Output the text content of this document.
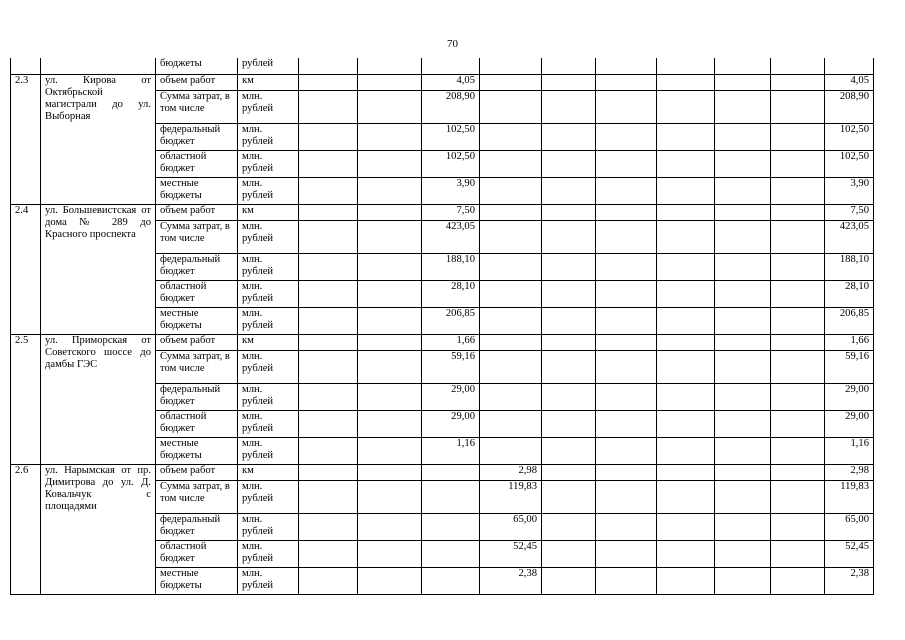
70
		бюджеты	рублей										
2.3	ул. Кирова от Октябрьской магистрали до ул. Выборная	объем работ	км			4,05							4,05
		Сумма затрат, в том числе	млн. рублей			208,90							208,90
		федеральный бюджет	млн. рублей			102,50							102,50
		областной бюджет	млн. рублей			102,50							102,50
		местные бюджеты	млн. рублей			3,90							3,90
2.4	ул. Большевистская от дома № 289 до Красного проспекта	объем работ	км			7,50							7,50
		Сумма затрат, в том числе	млн. рублей			423,05							423,05
		федеральный бюджет	млн. рублей			188,10							188,10
		областной бюджет	млн. рублей			28,10							28,10
		местные бюджеты	млн. рублей			206,85							206,85
2.5	ул. Приморская от Советского шоссе до дамбы ГЭС	объем работ	км			1,66							1,66
		Сумма затрат, в том числе	млн. рублей			59,16							59,16
		федеральный бюджет	млн. рублей			29,00							29,00
		областной бюджет	млн. рублей			29,00							29,00
		местные бюджеты	млн. рублей			1,16							1,16
2.6	ул. Нарымская от пр. Димитрова до ул. Д. Ковальчук с площадями	объем работ	км				2,98						2,98
		Сумма затрат, в том числе	млн. рублей				119,83						119,83
		федеральный бюджет	млн. рублей				65,00						65,00
		областной бюджет	млн. рублей				52,45						52,45
		местные бюджеты	млн. рублей				2,38						2,38
